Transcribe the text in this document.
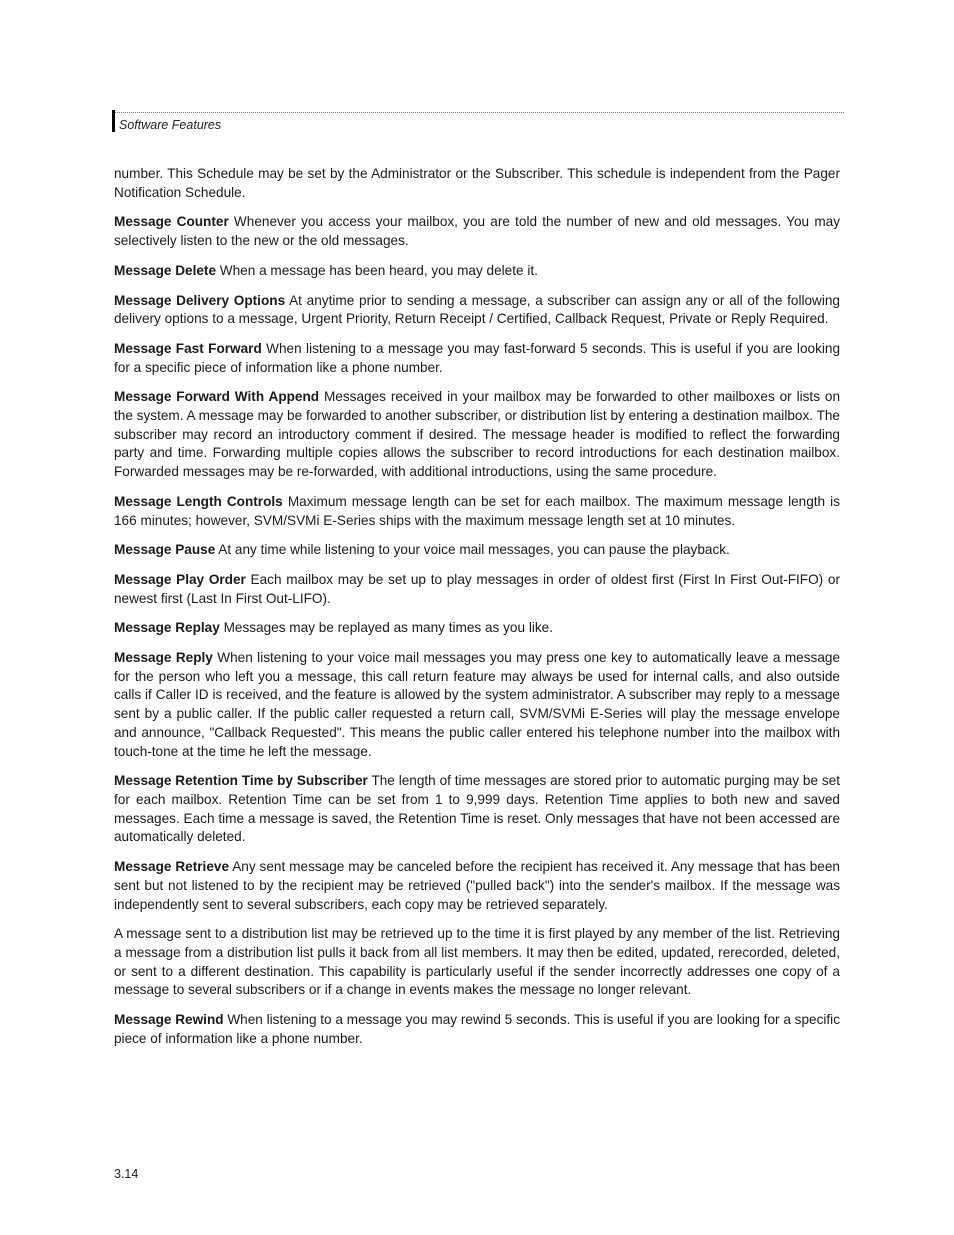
Software Features

number. This Schedule may be set by the Administrator or the Subscriber. This schedule is independent from the Pager Notification Schedule.

Message Counter Whenever you access your mailbox, you are told the number of new and old messages. You may selectively listen to the new or the old messages.

Message Delete When a message has been heard, you may delete it.

Message Delivery Options At anytime prior to sending a message, a subscriber can assign any or all of the following delivery options to a message, Urgent Priority, Return Receipt / Certified, Callback Request, Private or Reply Required.

Message Fast Forward When listening to a message you may fast-forward 5 seconds. This is useful if you are looking for a specific piece of information like a phone number.

Message Forward With Append Messages received in your mailbox may be forwarded to other mailboxes or lists on the system. A message may be forwarded to another subscriber, or distribution list by entering a destination mailbox. The subscriber may record an introductory comment if desired. The message header is modified to reflect the forwarding party and time. Forwarding multiple copies allows the subscriber to record introductions for each destination mailbox. Forwarded messages may be re-forwarded, with additional introductions, using the same procedure.

Message Length Controls Maximum message length can be set for each mailbox. The maximum message length is 166 minutes; however, SVM/SVMi E-Series ships with the maximum message length set at 10 minutes.

Message Pause At any time while listening to your voice mail messages, you can pause the playback.

Message Play Order Each mailbox may be set up to play messages in order of oldest first (First In First Out-FIFO) or newest first (Last In First Out-LIFO).

Message Replay Messages may be replayed as many times as you like.

Message Reply When listening to your voice mail messages you may press one key to automatically leave a message for the person who left you a message, this call return feature may always be used for internal calls, and also outside calls if Caller ID is received, and the feature is allowed by the system administrator. A subscriber may reply to a message sent by a public caller. If the public caller requested a return call, SVM/SVMi E-Series will play the message envelope and announce, "Callback Requested". This means the public caller entered his telephone number into the mailbox with touch-tone at the time he left the message.

Message Retention Time by Subscriber The length of time messages are stored prior to automatic purging may be set for each mailbox. Retention Time can be set from 1 to 9,999 days. Retention Time applies to both new and saved messages. Each time a message is saved, the Retention Time is reset. Only messages that have not been accessed are automatically deleted.

Message Retrieve Any sent message may be canceled before the recipient has received it. Any message that has been sent but not listened to by the recipient may be retrieved ("pulled back") into the sender's mailbox. If the message was independently sent to several subscribers, each copy may be retrieved separately.

A message sent to a distribution list may be retrieved up to the time it is first played by any member of the list. Retrieving a message from a distribution list pulls it back from all list members. It may then be edited, updated, rerecorded, deleted, or sent to a different destination. This capability is particularly useful if the sender incorrectly addresses one copy of a message to several subscribers or if a change in events makes the message no longer relevant.

Message Rewind When listening to a message you may rewind 5 seconds. This is useful if you are looking for a specific piece of information like a phone number.

3.14
